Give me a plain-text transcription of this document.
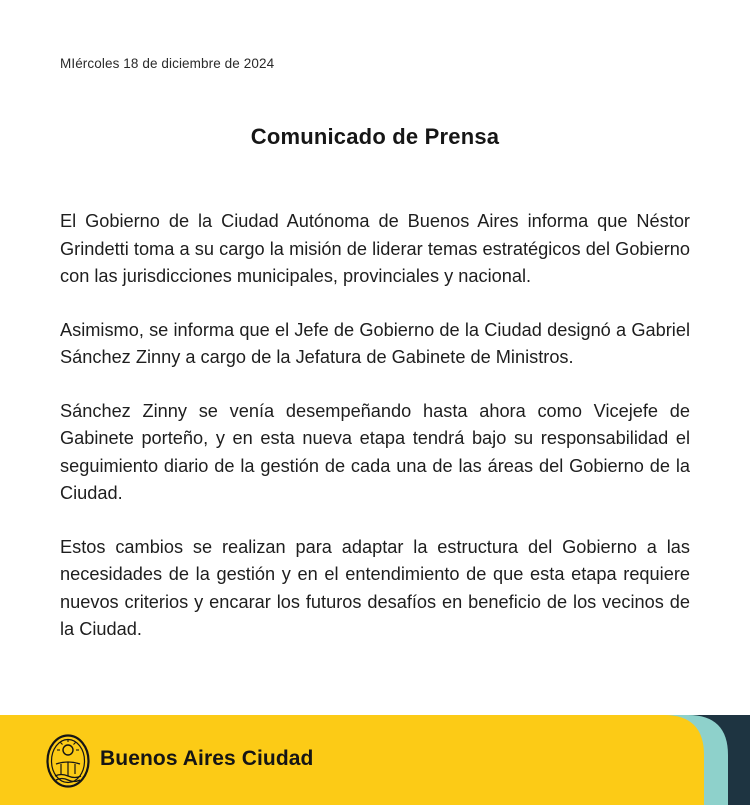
MIércoles 18 de diciembre de 2024
Comunicado de Prensa

El Gobierno de la Ciudad Autónoma de Buenos Aires informa que Néstor Grindetti toma a su cargo la misión de liderar temas estratégicos del Gobierno con las jurisdicciones municipales, provinciales y nacional.

Asimismo, se informa que el Jefe de Gobierno de la Ciudad designó a Gabriel Sánchez Zinny a cargo de la Jefatura de Gabinete de Ministros.

Sánchez Zinny se venía desempeñando hasta ahora como Vicejefe de Gabinete porteño, y en esta nueva etapa tendrá bajo su responsabilidad el seguimiento diario de la gestión de cada una de las áreas del Gobierno de la Ciudad.

Estos cambios se realizan para adaptar la estructura del Gobierno a las necesidades de la gestión y en el entendimiento de que esta etapa requiere nuevos criterios y encarar los futuros desafíos en beneficio de los vecinos de la Ciudad.

Buenos Aires Ciudad
